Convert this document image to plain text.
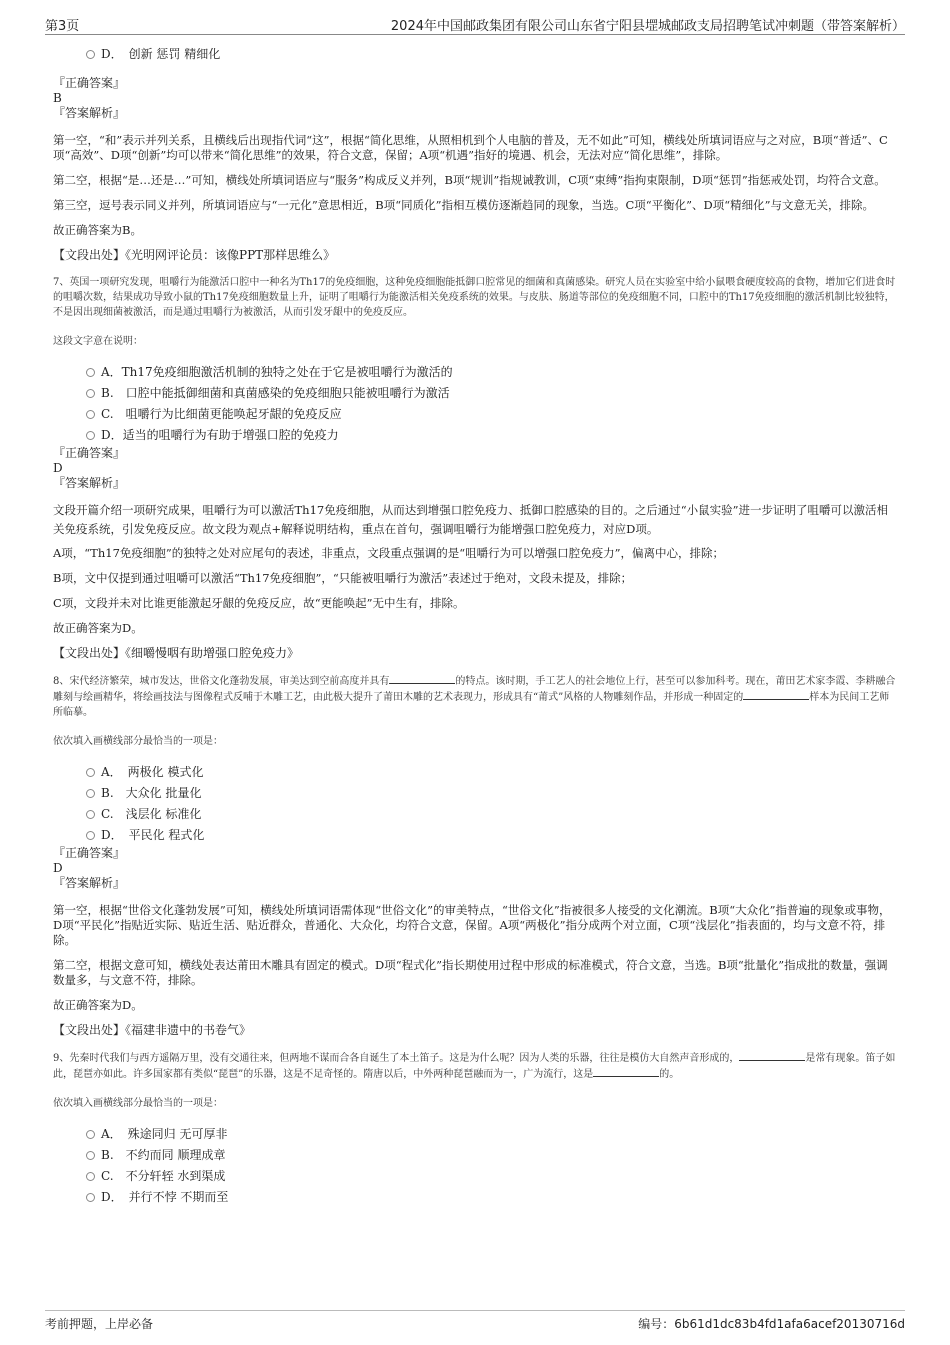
第3页	2024年中国邮政集团有限公司山东省宁阳县堽城邮政支局招聘笔试冲刺题（带答案解析）
D．　创新 惩罚 精细化
『正确答案』
B
『答案解析』

第一空，“和”表示并列关系，且横线后出现指代词“这”，根据“简化思维，从照相机到个人电脑的普及，无不如此”可知，横线处所填词语应与之对应，B项“普适”、C项“高效”、D项“创新”均可以带来“简化思维”的效果，符合文意，保留；A项“机遇”指好的境遇、机会，无法对应“简化思维”，排除。

第二空，根据“是…还是…”可知，横线处所填词语应与“服务”构成反义并列，B项“规训”指规诫教训，C项“束缚”指拘束限制，D项“惩罚”指惩戒处罚，均符合文意。

第三空，逗号表示同义并列，所填词语应与“一元化”意思相近，B项“同质化”指相互模仿逐渐趋同的现象，当选。C项“平衡化”、D项“精细化”与文意无关，排除。

故正确答案为B。

【文段出处】《光明网评论员：该像PPT那样思维么》

7、英国一项研究发现，咀嚼行为能激活口腔中一种名为Th17的免疫细胞，这种免疫细胞能抵御口腔常见的细菌和真菌感染。研究人员在实验室中给小鼠喂食硬度较高的食物，增加它们进食时的咀嚼次数，结果成功导致小鼠的Th17免疫细胞数量上升，证明了咀嚼行为能激活相关免疫系统的效果。与皮肤、肠道等部位的免疫细胞不同，口腔中的Th17免疫细胞的激活机制比较独特，不是因出现细菌被激活，而是通过咀嚼行为被激活，从而引发牙龈中的免疫反应。

这段文字意在说明：

A．Th17免疫细胞激活机制的独特之处在于它是被咀嚼行为激活的
B.　口腔中能抵御细菌和真菌感染的免疫细胞只能被咀嚼行为激活
C.　咀嚼行为比细菌更能唤起牙龈的免疫反应
D．适当的咀嚼行为有助于增强口腔的免疫力
『正确答案』
D
『答案解析』

文段开篇介绍一项研究成果，咀嚼行为可以激活Th17免疫细胞，从而达到增强口腔免疫力、抵御口腔感染的目的。之后通过“小鼠实验”进一步证明了咀嚼可以激活相关免疫系统，引发免疫反应。故文段为观点+解释说明结构，重点在首句，强调咀嚼行为能增强口腔免疫力，对应D项。

A项，“Th17免疫细胞”的独特之处对应尾句的表述，非重点，文段重点强调的是“咀嚼行为可以增强口腔免疫力”，偏离中心，排除；

B项，文中仅提到通过咀嚼可以激活“Th17免疫细胞”，“只能被咀嚼行为激活”表述过于绝对，文段未提及，排除；

C项，文段并未对比谁更能激起牙龈的免疫反应，故“更能唤起”无中生有，排除。

故正确答案为D。

【文段出处】《细嚼慢咽有助增强口腔免疫力》

8、宋代经济繁荣，城市发达，世俗文化蓬勃发展，审美达到空前高度并具有	的特点。该时期，手工艺人的社会地位上行，甚至可以参加科考。现在，莆田艺术家李霞、李耕融合雕刻与绘画精华，将绘画技法与图像程式反哺于木雕工艺，由此极大提升了莆田木雕的艺术表现力，形成具有“莆式”风格的人物雕刻作品，并形成一种固定的	样本为民间工艺师所临摹。

依次填入画横线部分最恰当的一项是：

A．　两极化 模式化
B.　大众化 批量化
C.　浅层化 标准化
D．　平民化 程式化
『正确答案』
D
『答案解析』

第一空，根据“世俗文化蓬勃发展”可知，横线处所填词语需体现“世俗文化”的审美特点，“世俗文化”指被很多人接受的文化潮流。B项“大众化”指普遍的现象或事物，D项“平民化”指贴近实际、贴近生活、贴近群众，普通化、大众化，均符合文意，保留。A项“两极化”指分成两个对立面，C项“浅层化”指表面的，均与文意不符，排除。

第二空，根据文意可知，横线处表达莆田木雕具有固定的模式。D项“程式化”指长期使用过程中形成的标准模式，符合文意，当选。B项“批量化”指成批的数量，强调数量多，与文意不符，排除。

故正确答案为D。

【文段出处】《福建非遗中的书卷气》

9、先秦时代我们与西方遥隔万里，没有交通往来，但两地不谋而合各自诞生了本土笛子。这是为什么呢？因为人类的乐器，往往是模仿大自然声音形成的，	是常有现象。笛子如此，琵琶亦如此。许多国家都有类似“琵琶”的乐器，这是不足奇怪的。隋唐以后，中外两种琵琶融而为一，广为流行，这是	的。

依次填入画横线部分最恰当的一项是：

A．　殊途同归 无可厚非
B.　不约而同 顺理成章
C.　不分轩轾 水到渠成
D．　并行不悖 不期而至
考前押题，上岸必备	编号：6b61d1dc83b4fd1afa6acef20130716d
